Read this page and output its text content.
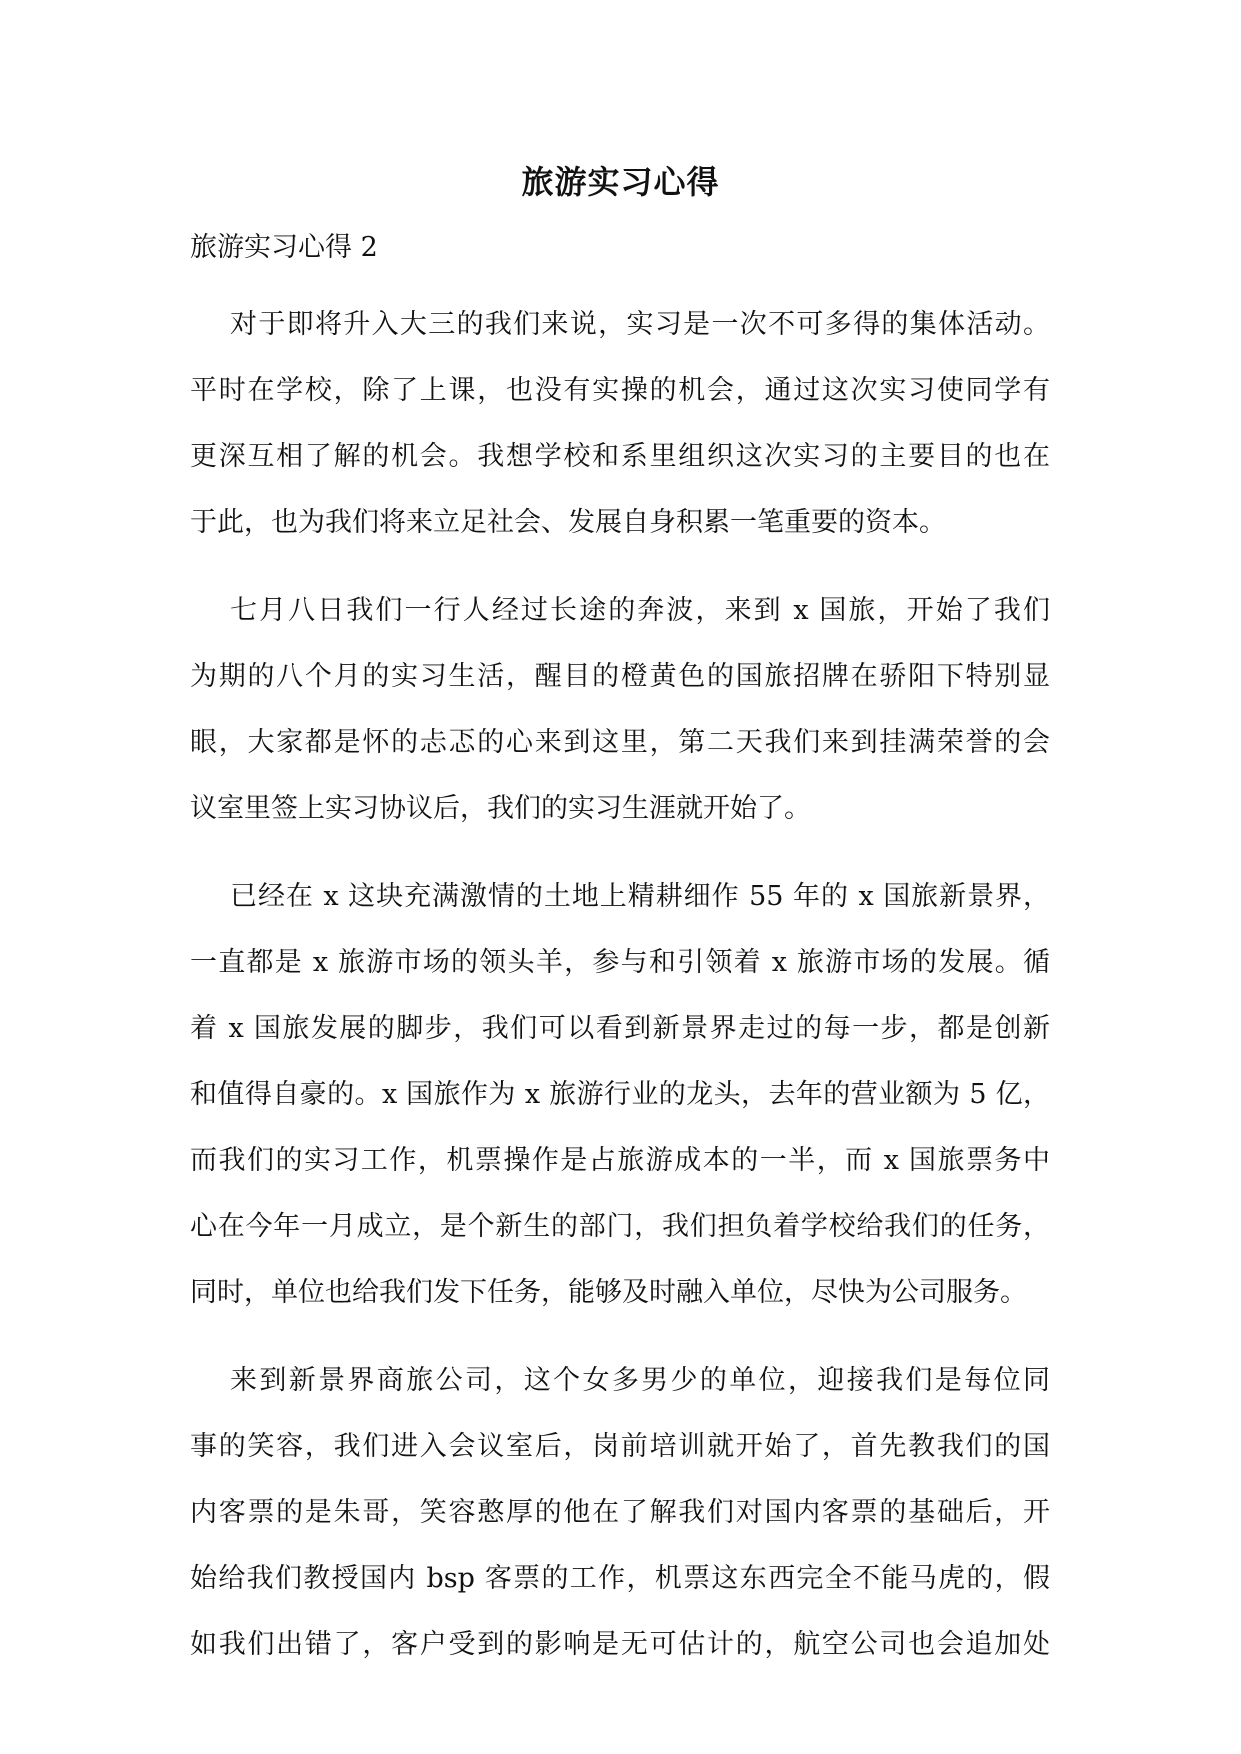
旅游实习心得
旅游实习心得 2
对于即将升入大三的我们来说，实习是一次不可多得的集体活动。
平时在学校，除了上课，也没有实操的机会，通过这次实习使同学有
更深互相了解的机会。我想学校和系里组织这次实习的主要目的也在
于此，也为我们将来立足社会、发展自身积累一笔重要的资本。
七月八日我们一行人经过长途的奔波，来到 x 国旅，开始了我们
为期的八个月的实习生活，醒目的橙黄色的国旅招牌在骄阳下特别显
眼，大家都是怀的忐忑的心来到这里，第二天我们来到挂满荣誉的会
议室里签上实习协议后，我们的实习生涯就开始了。
已经在 x 这块充满激情的土地上精耕细作 55 年的 x 国旅新景界，
一直都是 x 旅游市场的领头羊，参与和引领着 x 旅游市场的发展。循
着 x 国旅发展的脚步，我们可以看到新景界走过的每一步，都是创新
和值得自豪的。x 国旅作为 x 旅游行业的龙头，去年的营业额为 5 亿，
而我们的实习工作，机票操作是占旅游成本的一半，而 x 国旅票务中
心在今年一月成立，是个新生的部门，我们担负着学校给我们的任务，
同时，单位也给我们发下任务，能够及时融入单位，尽快为公司服务。
来到新景界商旅公司，这个女多男少的单位，迎接我们是每位同
事的笑容，我们进入会议室后，岗前培训就开始了，首先教我们的国
内客票的是朱哥，笑容憨厚的他在了解我们对国内客票的基础后，开
始给我们教授国内 bsp 客票的工作，机票这东西完全不能马虎的，假
如我们出错了，客户受到的影响是无可估计的，航空公司也会追加处
